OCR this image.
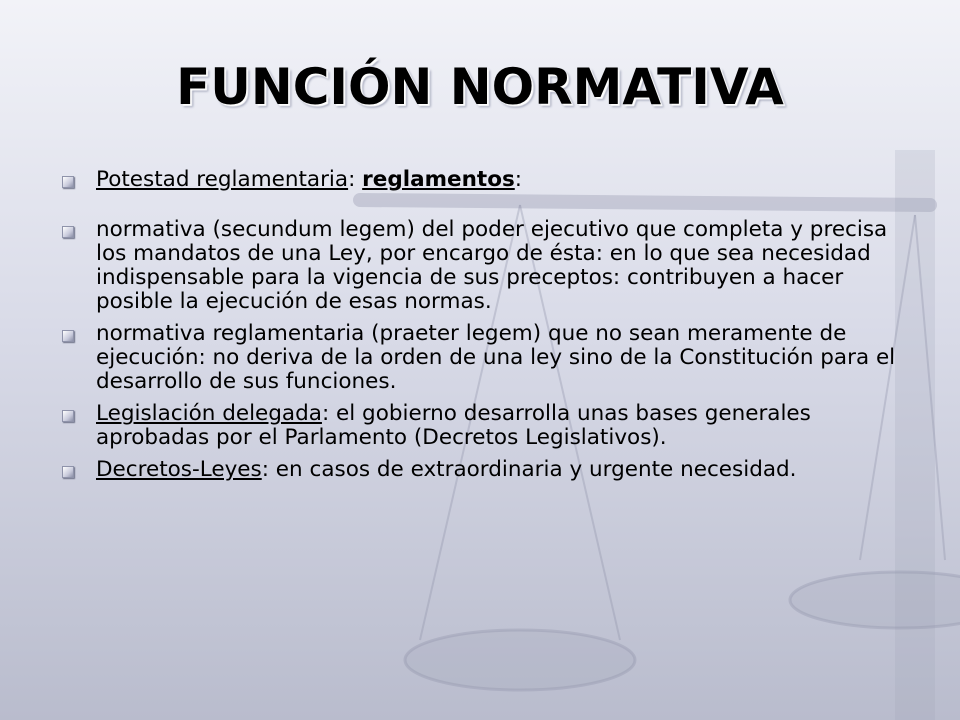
FUNCIÓN NORMATIVA
Potestad reglamentaria: reglamentos:
normativa (secundum legem) del poder ejecutivo que completa y precisa los mandatos de una Ley, por encargo de ésta: en lo que sea necesidad indispensable para la vigencia de sus preceptos: contribuyen a hacer posible la ejecución de esas normas.
normativa reglamentaria (praeter legem) que no sean meramente de ejecución: no deriva de la orden de una ley sino de la Constitución para el desarrollo de sus funciones.
Legislación delegada: el gobierno desarrolla unas bases generales aprobadas por el Parlamento (Decretos Legislativos).
Decretos-Leyes: en casos de extraordinaria y urgente necesidad.
